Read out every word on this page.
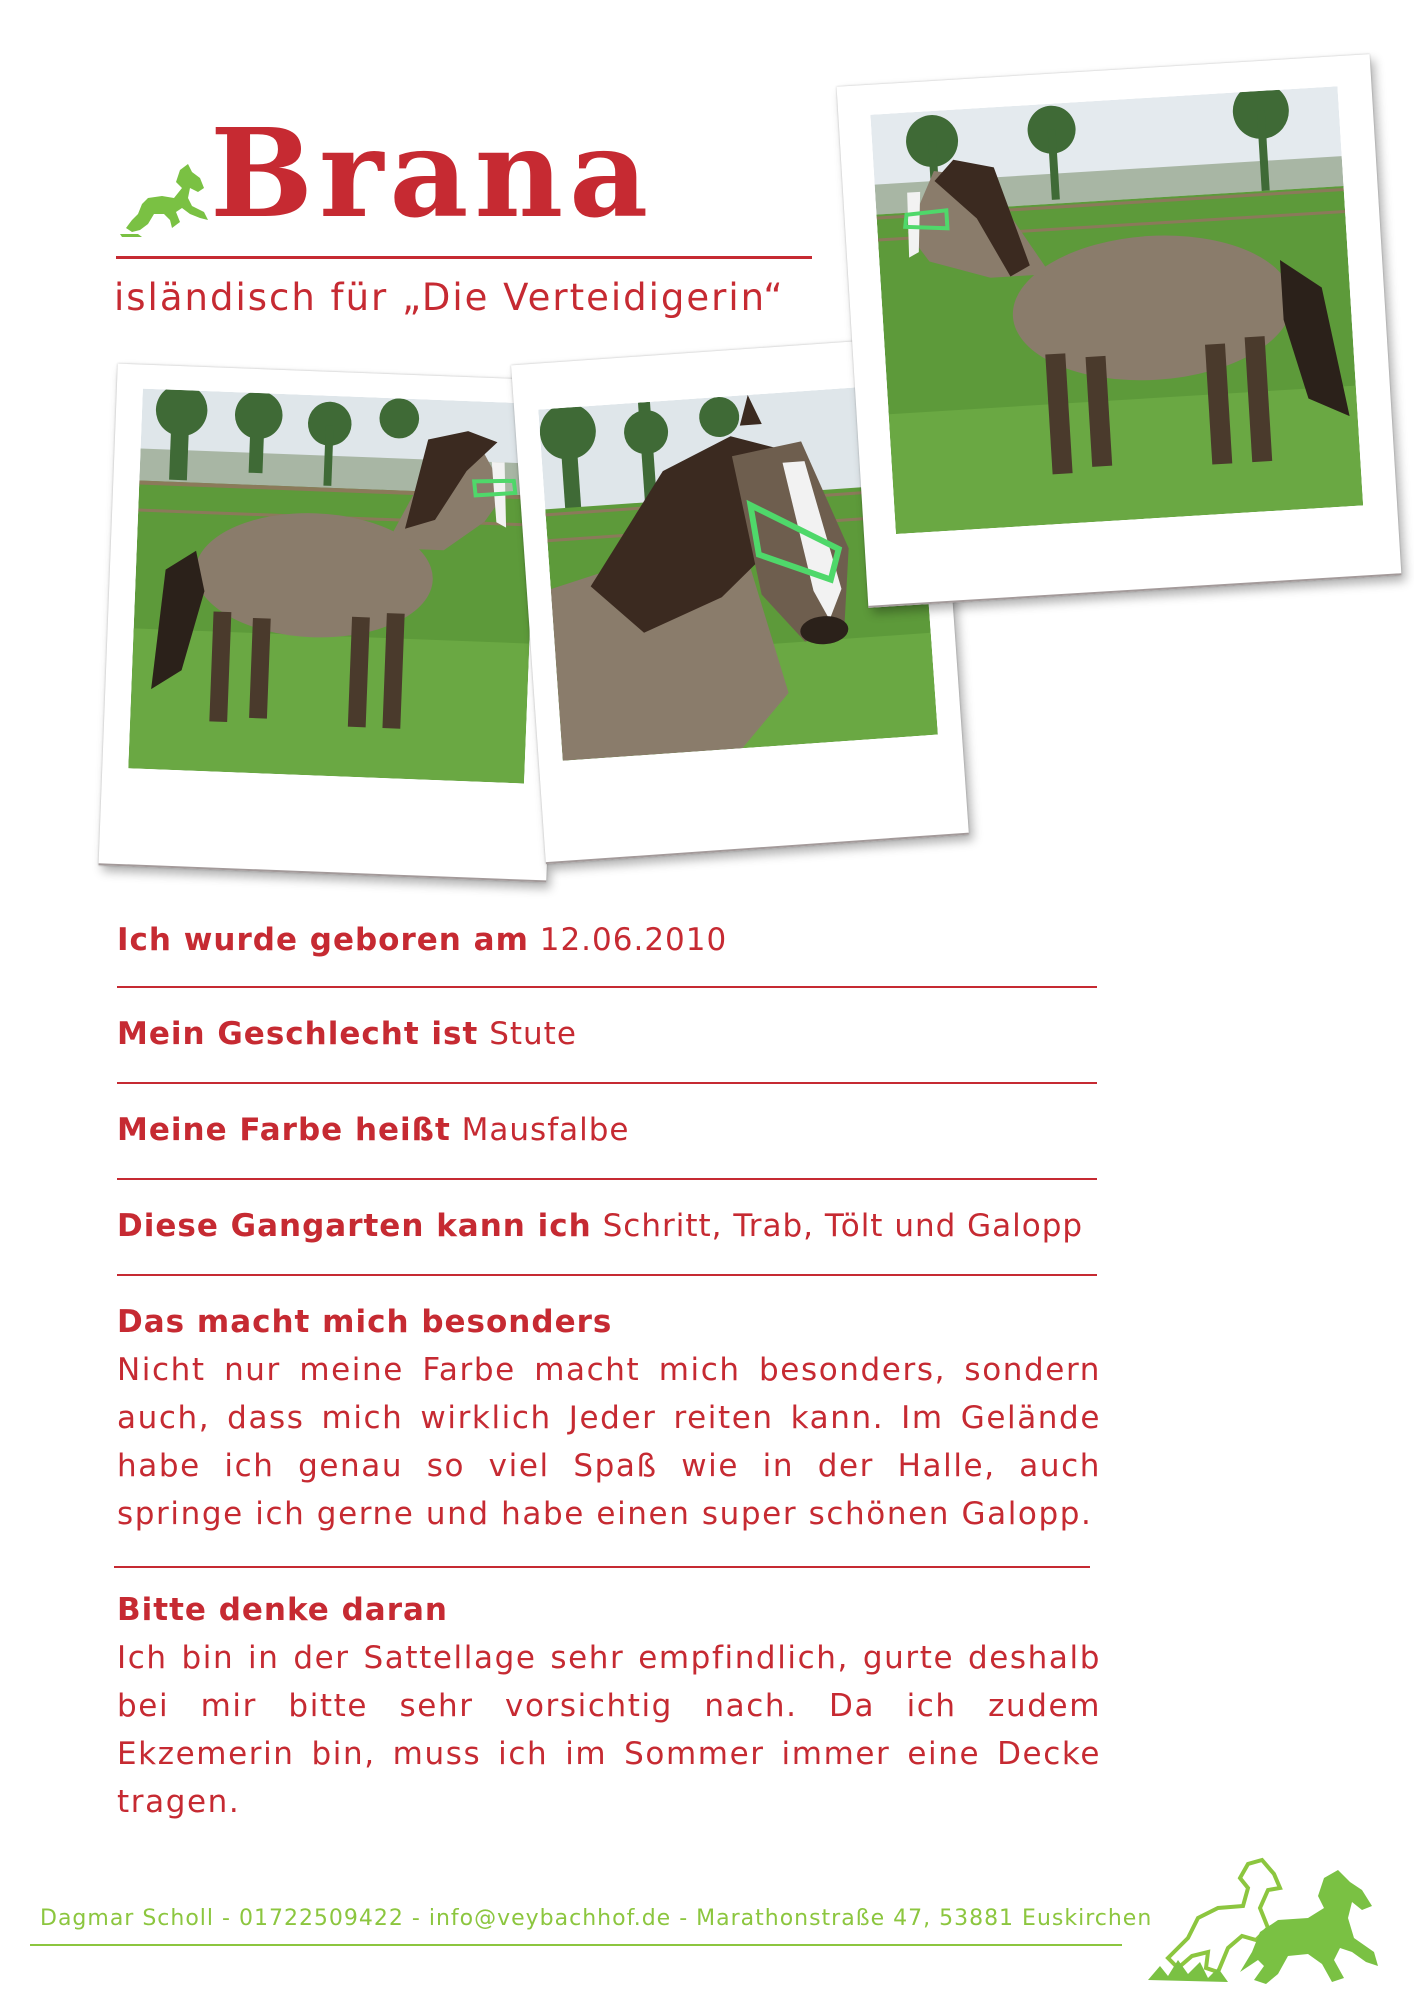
Brana
isländisch für „Die Verteidigerin“

Ich wurde geboren am 12.06.2010

Mein Geschlecht ist Stute

Meine Farbe heißt Mausfalbe

Diese Gangarten kann ich Schritt, Trab, Tölt und Galopp

Das macht mich besonders

Nicht nur meine Farbe macht mich besonders, sondern auch, dass mich wirklich Jeder reiten kann. Im Gelände habe ich genau so viel Spaß wie in der Halle, auch springe ich gerne und habe einen super schönen Galopp.

Bitte denke daran

Ich bin in der Sattellage sehr empfindlich, gurte deshalb bei mir bitte sehr vorsichtig nach. Da ich zudem Ekzemerin bin, muss ich im Sommer immer eine Decke tragen.

Dagmar Scholl - 01722509422 - info@veybachhof.de - Marathonstraße 47, 53881 Euskirchen
